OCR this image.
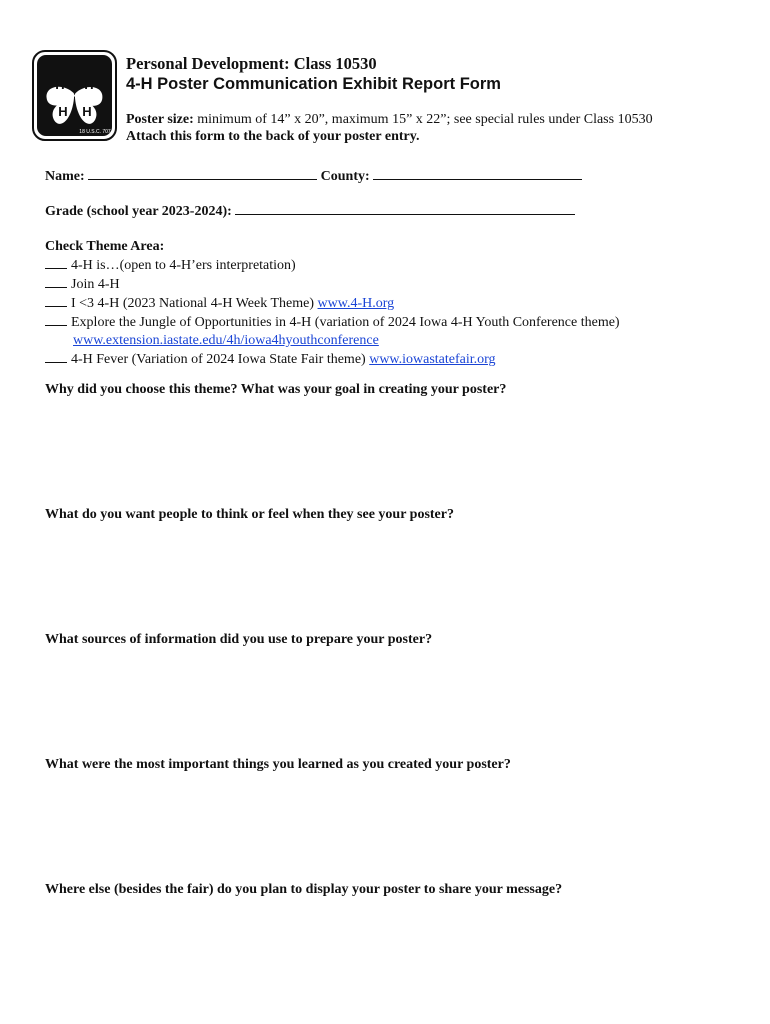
H H
H H
18 U.S.C. 707
Personal Development: Class 10530
4-H Poster Communication Exhibit Report Form
Poster size: minimum of 14” x 20”, maximum 15” x 22”; see special rules under Class 10530
Attach this form to the back of your poster entry.
Name:	County:
Grade (school year 2023-2024):
Check Theme Area:
4-H is…(open to 4-H’ers interpretation)
Join 4-H
I <3 4-H (2023 National 4-H Week Theme) www.4-H.org
Explore the Jungle of Opportunities in 4-H (variation of 2024 Iowa 4-H Youth Conference theme)
www.extension.iastate.edu/4h/iowa4hyouthconference
4-H Fever (Variation of 2024 Iowa State Fair theme) www.iowastatefair.org
Why did you choose this theme? What was your goal in creating your poster?
What do you want people to think or feel when they see your poster?
What sources of information did you use to prepare your poster?
What were the most important things you learned as you created your poster?
Where else (besides the fair) do you plan to display your poster to share your message?
